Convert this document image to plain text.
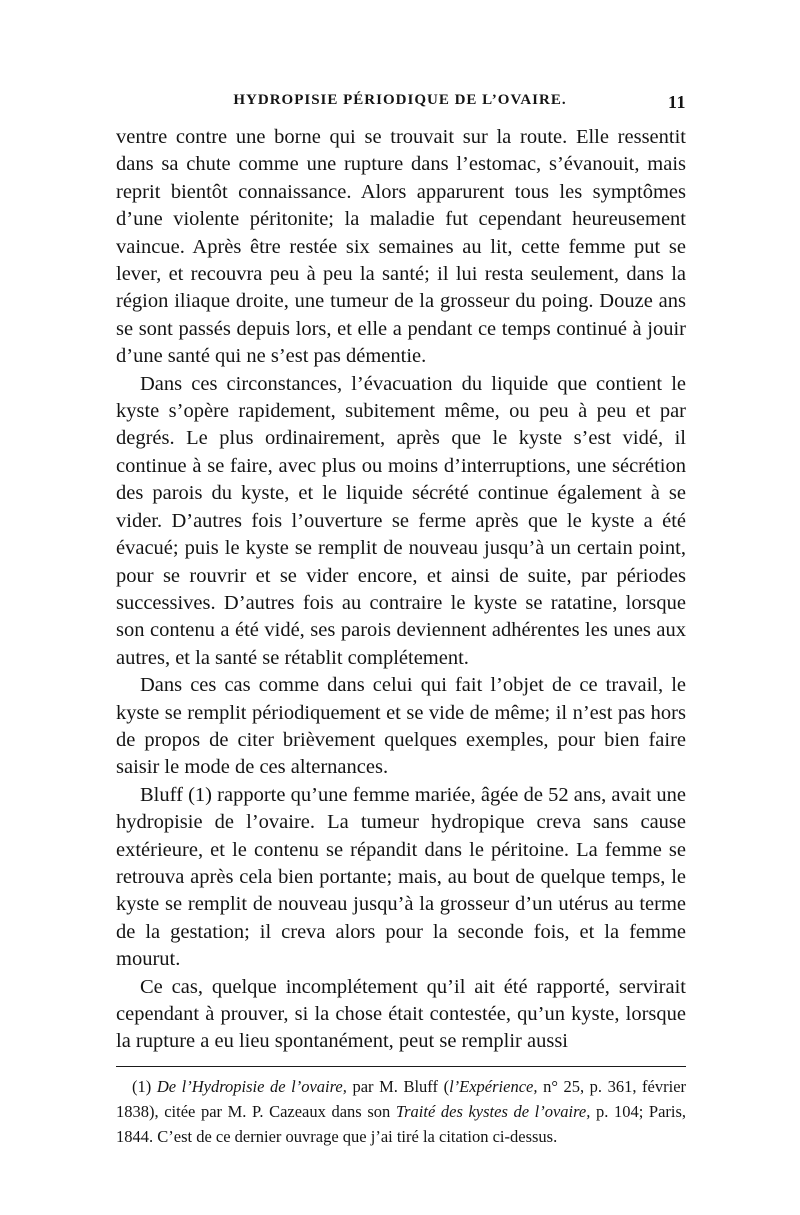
HYDROPISIE PÉRIODIQUE DE L’OVAIRE.	11

ventre contre une borne qui se trouvait sur la route. Elle ressentit dans sa chute comme une rupture dans l’estomac, s’évanouit, mais reprit bientôt connaissance. Alors apparurent tous les symptômes d’une violente péritonite; la maladie fut cependant heureusement vaincue. Après être restée six semaines au lit, cette femme put se lever, et recouvra peu à peu la santé; il lui resta seulement, dans la région iliaque droite, une tumeur de la grosseur du poing. Douze ans se sont passés depuis lors, et elle a pendant ce temps continué à jouir d’une santé qui ne s’est pas démentie.

Dans ces circonstances, l’évacuation du liquide que contient le kyste s’opère rapidement, subitement même, ou peu à peu et par degrés. Le plus ordinairement, après que le kyste s’est vidé, il continue à se faire, avec plus ou moins d’interruptions, une sécrétion des parois du kyste, et le liquide sécrété continue également à se vider. D’autres fois l’ouverture se ferme après que le kyste a été évacué; puis le kyste se remplit de nouveau jusqu’à un certain point, pour se rouvrir et se vider encore, et ainsi de suite, par périodes successives. D’autres fois au contraire le kyste se ratatine, lorsque son contenu a été vidé, ses parois deviennent adhérentes les unes aux autres, et la santé se rétablit complétement.

Dans ces cas comme dans celui qui fait l’objet de ce travail, le kyste se remplit périodiquement et se vide de même; il n’est pas hors de propos de citer brièvement quelques exemples, pour bien faire saisir le mode de ces alternances.

Bluff (1) rapporte qu’une femme mariée, âgée de 52 ans, avait une hydropisie de l’ovaire. La tumeur hydropique creva sans cause extérieure, et le contenu se répandit dans le péritoine. La femme se retrouva après cela bien portante; mais, au bout de quelque temps, le kyste se remplit de nouveau jusqu’à la grosseur d’un utérus au terme de la gestation; il creva alors pour la seconde fois, et la femme mourut.

Ce cas, quelque incomplétement qu’il ait été rapporté, servirait cependant à prouver, si la chose était contestée, qu’un kyste, lorsque la rupture a eu lieu spontanément, peut se remplir aussi

(1) De l’Hydropisie de l’ovaire, par M. Bluff (l’Expérience, n° 25, p. 361, février 1838), citée par M. P. Cazeaux dans son Traité des kystes de l’ovaire, p. 104; Paris, 1844. C’est de ce dernier ouvrage que j’ai tiré la citation ci-dessus.
